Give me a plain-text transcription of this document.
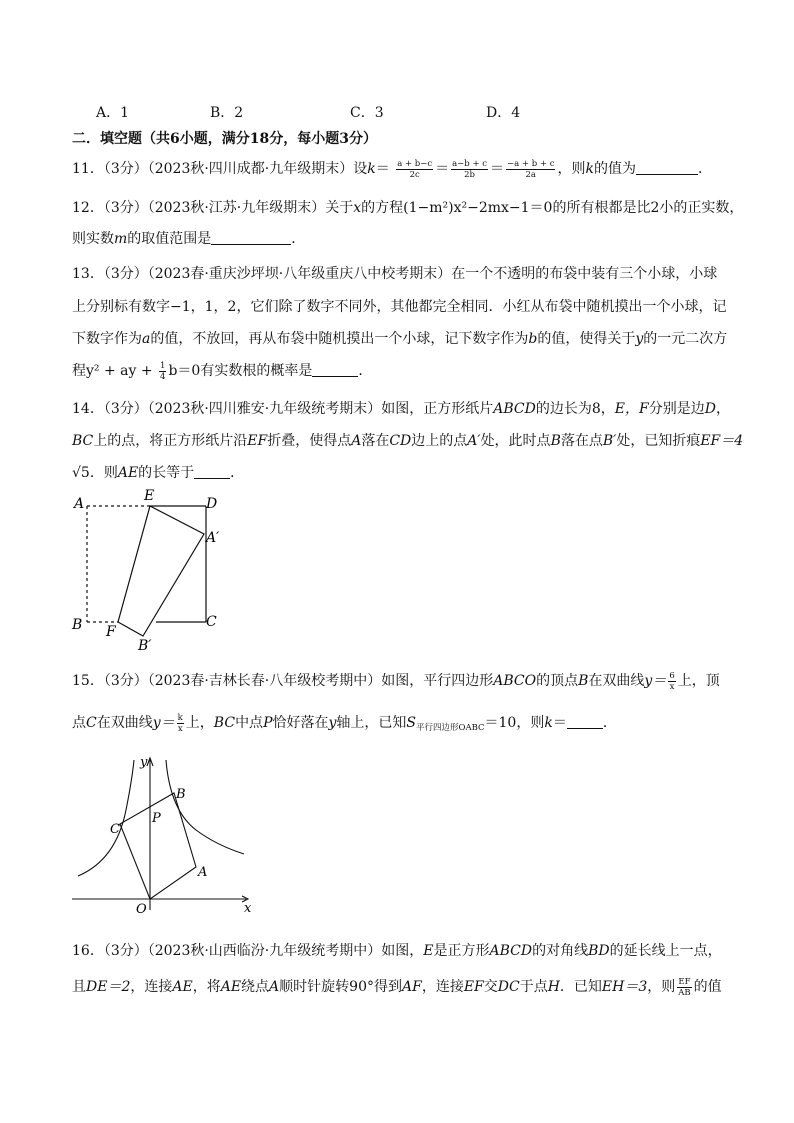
A．1	B．2	C．3	D．4
二．填空题（共6小题，满分18分，每小题3分）
11．（3分）（2023秋·四川成都·九年级期末）设$k= \frac{a + b-c}{2c} = \frac{a-b + c}{2b} = \frac{-a + b + c}{2a}$ ，则k的值为	．
12．（3分）（2023秋·江苏·九年级期末）关于x的方程(1−m²)x²−2mx−1＝0的所有根都是比2小的正实数，
则实数m的取值范围是	．
13．（3分）（2023春·重庆沙坪坝·八年级重庆八中校考期末）在一个不透明的布袋中装有三个小球，小球
上分别标有数字−1，1，2，它们除了数字不同外，其他都完全相同．小红从布袋中随机摸出一个小球，记
下数字作为a的值，不放回，再从布袋中随机摸出一个小球，记下数字作为b的值，使得关于y的一元二次方
程y² + ay + $\frac{1}{4} b=0$有实数根的概率是	．
14．（3分）（2023秋·四川雅安·九年级统考期末）如图，正方形纸片ABCD的边长为8，E，F分别是边D，
BC上的点，将正方形纸片沿EF折叠，使得点A落在CD边上的点A′处，此时点B落在点B′处，已知折痕EF＝4
√5．则AE的长等于	．
A	E	D
A′
B F
C
B′
15．（3分）（2023春·吉林长春·八年级校考期中）如图，平行四边形ABCO的顶点B在双曲线$y= \frac{6}{x}$ 上，顶
点C在双曲线$y= \frac{k}{x}$ 上，BC中点P恰好落在y轴上，已知$S_{平行四边形OABC}=10$，则k＝	．
y
B
P
C
A
O	x
16．（3分）（2023秋·山西临汾·九年级统考期中）如图，E是正方形ABCD的对角线BD的延长线上一点，
且DE＝2，连接AE，将AE绕点A顺时针旋转90°得到AF，连接EF交DC于点H．已知EH＝3，则 $\frac{EF}{AB}$ 的值
